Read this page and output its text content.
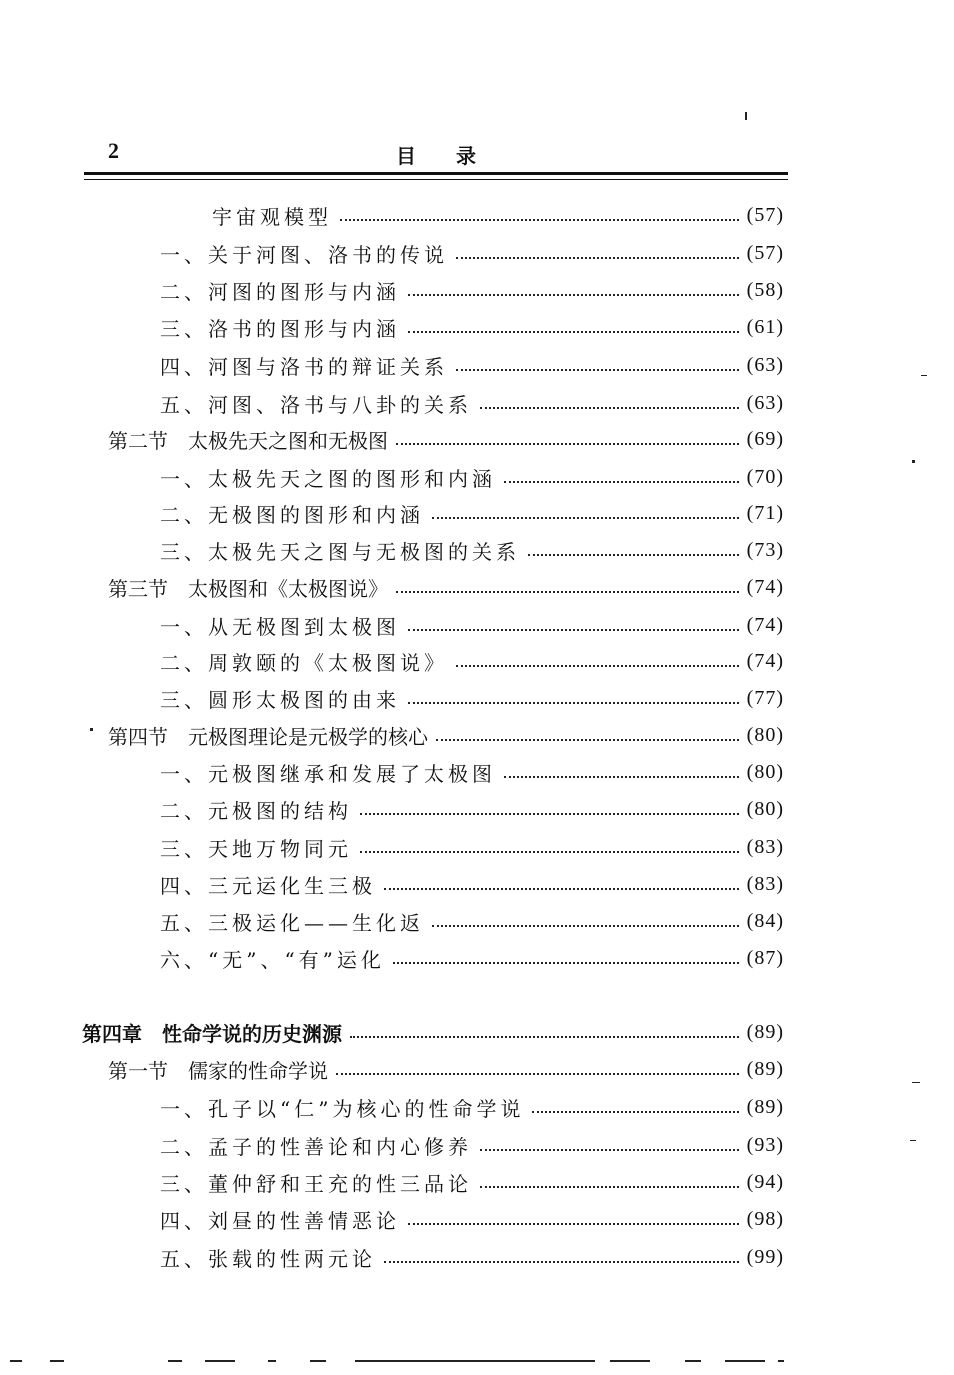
2	目录
宇宙观模型	(57)
一、关于河图、洛书的传说	(57)
二、河图的图形与内涵	(58)
三、洛书的图形与内涵	(61)
四、河图与洛书的辩证关系	(63)
五、河图、洛书与八卦的关系	(63)
第二节　太极先天之图和无极图	(69)
一、太极先天之图的图形和内涵	(70)
二、无极图的图形和内涵	(71)
三、太极先天之图与无极图的关系	(73)
第三节　太极图和《太极图说》	(74)
一、从无极图到太极图	(74)
二、周敦颐的《太极图说》	(74)
三、圆形太极图的由来	(77)
第四节　元极图理论是元极学的核心	(80)
一、元极图继承和发展了太极图	(80)
二、元极图的结构	(80)
三、天地万物同元	(83)
四、三元运化生三极	(83)
五、三极运化——生化返	(84)
六、“无”、“有”运化	(87)
第四章　性命学说的历史渊源	(89)
第一节　儒家的性命学说	(89)
一、孔子以“仁”为核心的性命学说	(89)
二、孟子的性善论和内心修养	(93)
三、董仲舒和王充的性三品论	(94)
四、刘昼的性善情恶论	(98)
五、张载的性两元论	(99)
